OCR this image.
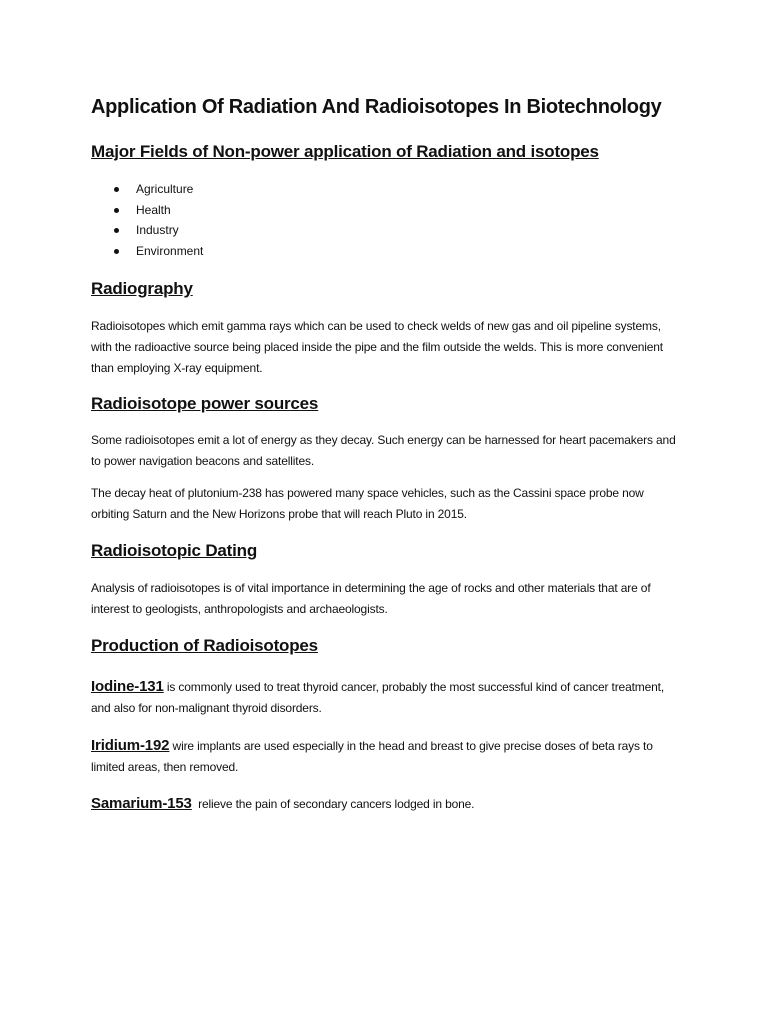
Application Of Radiation And Radioisotopes In Biotechnology
Major Fields of Non-power application of Radiation and isotopes
Agriculture
Health
Industry
Environment
Radiography

Radioisotopes which emit gamma rays which can be used to check welds of new gas and oil pipeline systems, with the radioactive source being placed inside the pipe and the film outside the welds. This is more convenient than employing X-ray equipment.

Radioisotope power sources

Some radioisotopes emit a lot of energy as they decay. Such energy can be harnessed for heart pacemakers and to power navigation beacons and satellites.

The decay heat of plutonium-238 has powered many space vehicles, such as the Cassini space probe now orbiting Saturn and the New Horizons probe that will reach Pluto in 2015.

Radioisotopic Dating

Analysis of radioisotopes is of vital importance in determining the age of rocks and other materials that are of interest to geologists, anthropologists and archaeologists.

Production of Radioisotopes

Iodine-131 is commonly used to treat thyroid cancer, probably the most successful kind of cancer treatment, and also for non-malignant thyroid disorders.

Iridium-192 wire implants are used especially in the head and breast to give precise doses of beta rays to limited areas, then removed.

Samarium-153  relieve the pain of secondary cancers lodged in bone.
